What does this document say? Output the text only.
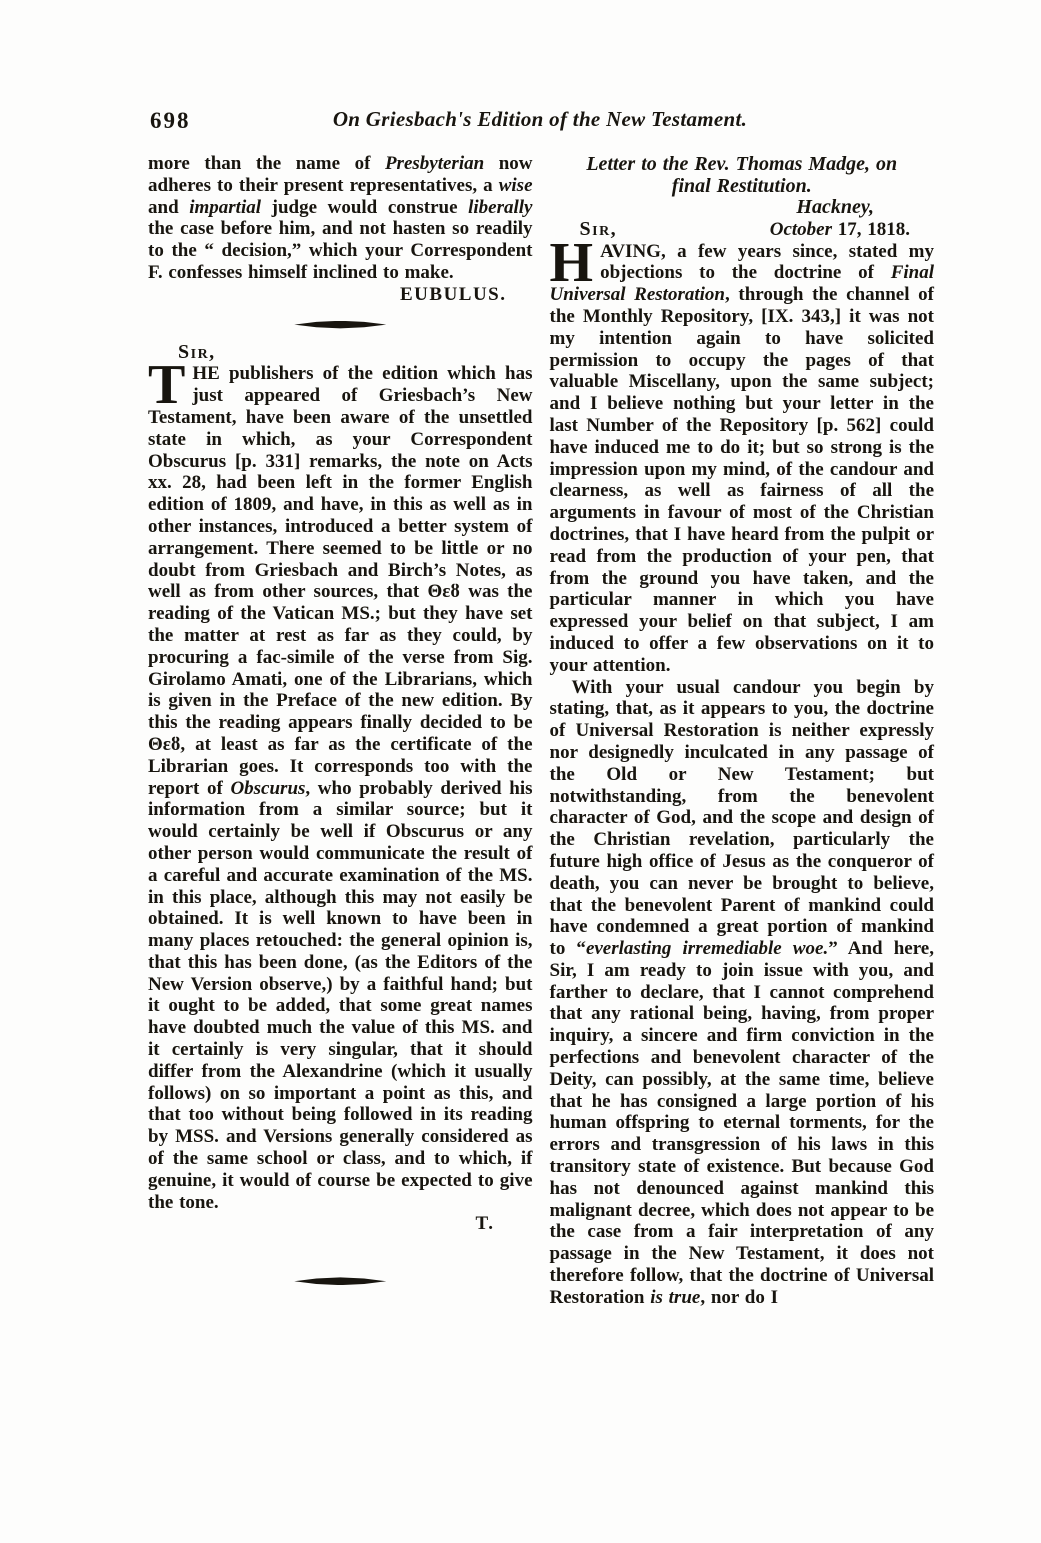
698	On Griesbach's Edition of the New Testament.

more than the name of Presbyterian now adheres to their present representatives, a wise and impartial judge would construe liberally the case before him, and not hasten so readily to the “ decision,” which your Correspondent F. confesses himself inclined to make.

EUBULUS.
Sir,

THE publishers of the edition which has just appeared of Griesbach’s New Testament, have been aware of the unsettled state in which, as your Correspondent Obscurus [p. 331] remarks, the note on Acts xx. 28, had been left in the former English edition of 1809, and have, in this as well as in other instances, introduced a better system of arrangement. There seemed to be little or no doubt from Griesbach and Birch’s Notes, as well as from other sources, that Θεȣ was the reading of the Vatican MS.; but they have set the matter at rest as far as they could, by procuring a fac-simile of the verse from Sig. Girolamo Amati, one of the Librarians, which is given in the Preface of the new edition. By this the reading appears finally decided to be Θεȣ, at least as far as the certificate of the Librarian goes. It corresponds too with the report of Obscurus, who probably derived his information from a similar source; but it would certainly be well if Obscurus or any other person would communicate the result of a careful and accurate examination of the MS. in this place, although this may not easily be obtained. It is well known to have been in many places retouched: the general opinion is, that this has been done, (as the Editors of the New Version observe,) by a faithful hand; but it ought to be added, that some great names have doubted much the value of this MS. and it certainly is very singular, that it should differ from the Alexandrine (which it usually follows) on so important a point as this, and that too without being followed in its reading by MSS. and Versions generally considered as of the same school or class, and to which, if genuine, it would of course be expected to give the tone.

T.
Letter to the Rev. Thomas Madge, on
final Restitution.
Hackney,
Sir,	October 17, 1818.

HAVING, a few years since, stated my objections to the doctrine of Final Universal Restoration, through the channel of the Monthly Repository, [IX. 343,] it was not my intention again to have solicited permission to occupy the pages of that valuable Miscellany, upon the same subject; and I believe nothing but your letter in the last Number of the Repository [p. 562] could have induced me to do it; but so strong is the impression upon my mind, of the candour and clearness, as well as fairness of all the arguments in favour of most of the Christian doctrines, that I have heard from the pulpit or read from the production of your pen, that from the ground you have taken, and the particular manner in which you have expressed your belief on that subject, I am induced to offer a few observations on it to your attention.

With your usual candour you begin by stating, that, as it appears to you, the doctrine of Universal Restoration is neither expressly nor designedly inculcated in any passage of the Old or New Testament; but notwithstanding, from the benevolent character of God, and the scope and design of the Christian revelation, particularly the future high office of Jesus as the conqueror of death, you can never be brought to believe, that the benevolent Parent of mankind could have condemned a great portion of mankind to “everlasting irremediable woe.” And here, Sir, I am ready to join issue with you, and farther to declare, that I cannot comprehend that any rational being, having, from proper inquiry, a sincere and firm conviction in the perfections and benevolent character of the Deity, can possibly, at the same time, believe that he has consigned a large portion of his human offspring to eternal torments, for the errors and transgression of his laws in this transitory state of existence. But because God has not denounced against mankind this malignant decree, which does not appear to be the case from a fair interpretation of any passage in the New Testament, it does not therefore follow, that the doctrine of Universal Restoration is true, nor do I
